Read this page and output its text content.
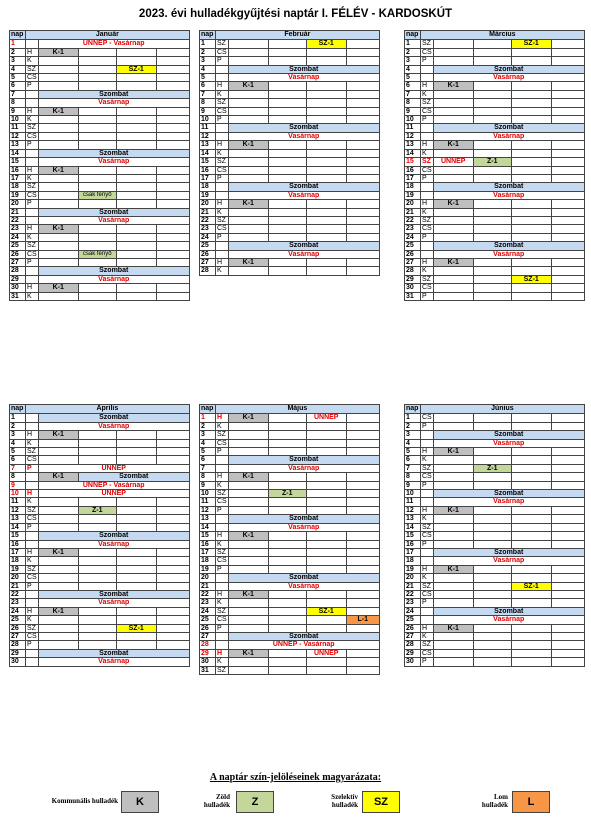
2023. évi hulladékgyűjtési naptár I. FÉLÉV - KARDOSKÚT
nap	Január				
1		ÜNNEP - Vasárnap			
2	H	K-1			
3	K				
4	SZ			SZ-1	
5	CS				
6	P				
7		Szombat			
8		Vasárnap			
9	H	K-1			
10	K				
11	SZ				
12	CS				
13	P				
14		Szombat			
15		Vasárnap			
16	H	K-1			
17	K				
18	SZ				
19	CS		csak fenyő		
20	P				
21		Szombat			
22		Vasárnap			
23	H	K-1			
24	K				
25	SZ				
26	CS		csak fenyő		
27	P				
28		Szombat			
29		Vasárnap			
30	H	K-1			
31	K				
nap	Február				
1	SZ			SZ-1	
2	CS				
3	P				
4		Szombat			
5		Vasárnap			
6	H	K-1			
7	K				
8	SZ				
9	CS				
10	P				
11		Szombat			
12		Vasárnap			
13	H	K-1			
14	K				
15	SZ				
16	CS				
17	P				
18		Szombat			
19		Vasárnap			
20	H	K-1			
21	K				
22	SZ				
23	CS				
24	P				
25		Szombat			
26		Vasárnap			
27	H	K-1			
28	K				
nap	Március				
1	SZ			SZ-1	
2	CS				
3	P				
4		Szombat			
5		Vasárnap			
6	H	K-1			
7	K				
8	SZ				
9	CS				
10	P				
11		Szombat			
12		Vasárnap			
13	H	K-1			
14	K				
15	SZ	ÜNNEP	Z-1		
16	CS				
17	P				
18		Szombat			
19		Vasárnap			
20	H	K-1			
21	K				
22	SZ				
23	CS				
24	P				
25		Szombat			
26		Vasárnap			
27	H	K-1			
28	K				
29	SZ			SZ-1	
30	CS				
31	P				
nap	Április				
1		Szombat			
2		Vasárnap			
3	H	K-1			
4	K				
5	SZ				
6	CS				
7	P	ÜNNEP			
8		K-1	Szombat		
9		ÜNNEP - Vasárnap			
10	H	ÜNNEP			
11	K				
12	SZ		Z-1		
13	CS				
14	P				
15		Szombat			
16		Vasárnap			
17	H	K-1			
18	K				
19	SZ				
20	CS				
21	P				
22		Szombat			
23		Vasárnap			
24	H	K-1			
25	K				
26	SZ			SZ-1	
27	CS				
28	P				
29		Szombat			
30		Vasárnap			
nap	Május				
1	H	K-1		ÜNNEP	
2	K				
3	SZ				
4	CS				
5	P				
6		Szombat			
7		Vasárnap			
8	H	K-1			
9	K				
10	SZ		Z-1		
11	CS				
12	P				
13		Szombat			
14		Vasárnap			
15	H	K-1			
16	K				
17	SZ				
18	CS				
19	P				
20		Szombat			
21		Vasárnap			
22	H	K-1			
23	K				
24	SZ			SZ-1	
25	CS				L-1
26	P				
27		Szombat			
28		ÜNNEP - Vasárnap			
29	H	K-1		ÜNNEP	
30	K				
31	SZ				
nap	Június				
1	CS				
2	P				
3		Szombat			
4		Vasárnap			
5	H	K-1			
6	K				
7	SZ		Z-1		
8	CS				
9	P				
10		Szombat			
11		Vasárnap			
12	H	K-1			
13	K				
14	SZ				
15	CS				
16	P				
17		Szombat			
18		Vasárnap			
19	H	K-1			
20	K				
21	SZ			SZ-1	
22	CS				
23	P				
24		Szombat			
25		Vasárnap			
26	H	K-1			
27	K				
28	SZ				
29	CS				
30	P				
A naptár szín-jelöléseinek magyarázata:
Kommunális hulladék	K	Zöld hulladék	Z	Szelektív hulladék	SZ	Lom hulladék	L
